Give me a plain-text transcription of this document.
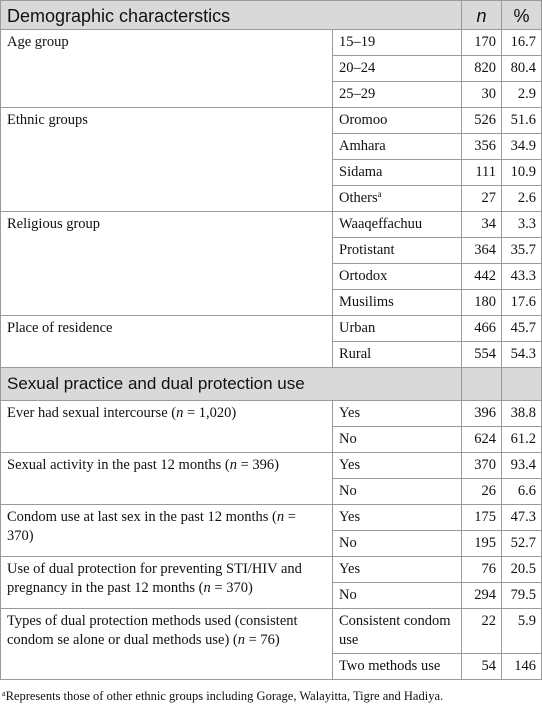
Demographic characterstics		n	%
Age group	15–19	170	16.7
	20–24	820	80.4
	25–29	30	2.9
Ethnic groups	Oromoo	526	51.6
	Amhara	356	34.9
	Sidama	111	10.9
	Others$^a$	27	2.6
Religious group	Waaqeffachuu	34	3.3
	Protistant	364	35.7
	Ortodox	442	43.3
	Musilims	180	17.6
Place of residence	Urban	466	45.7
	Rural	554	54.3
Sexual practice and dual protection use			
Ever had sexual intercourse (n = 1,020)	Yes	396	38.8
	No	624	61.2
Sexual activity in the past 12 months (n = 396)	Yes	370	93.4
	No	26	6.6
Condom use at last sex in the past 12 months (n = 370)	Yes	175	47.3
	No	195	52.7
Use of dual protection for preventing STI/HIV and pregnancy in the past 12 months (n = 370)	Yes	76	20.5
	No	294	79.5
Types of dual protection methods used (consistent condom se alone or dual methods use) (n = 76)	Consistent condom use	22	5.9
	Two methods use	54	146
$^a$Represents those of other ethnic groups including Gorage, Walayitta, Tigre and Hadiya.
